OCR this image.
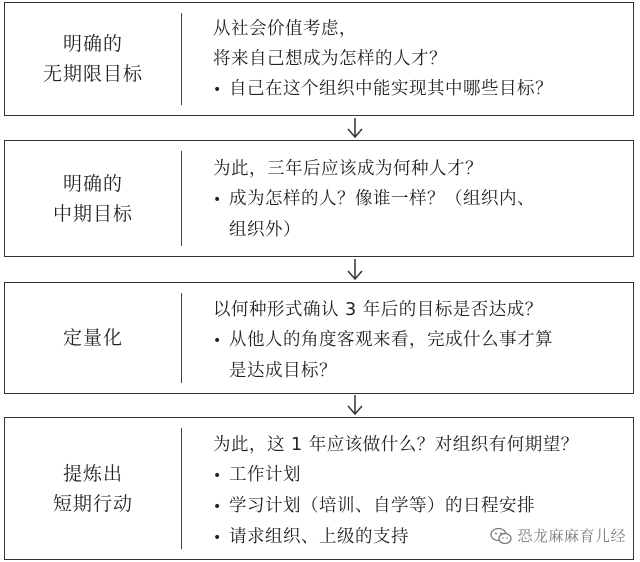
明确的
无期限目标
从社会价值考虑，
将来自己想成为怎样的人才？
• 自己在这个组织中能实现其中哪些目标？
明确的
中期目标
为此，三年后应该成为何种人才？
• 成为怎样的人？像谁一样？（组织内、
组织外）
定量化
以何种形式确认 3 年后的目标是否达成？
• 从他人的角度客观来看，完成什么事才算
是达成目标？
提炼出
短期行动
为此，这 1 年应该做什么？对组织有何期望？
• 工作计划
• 学习计划（培训、自学等）的日程安排
• 请求组织、上级的支持	恐龙麻麻育儿经
